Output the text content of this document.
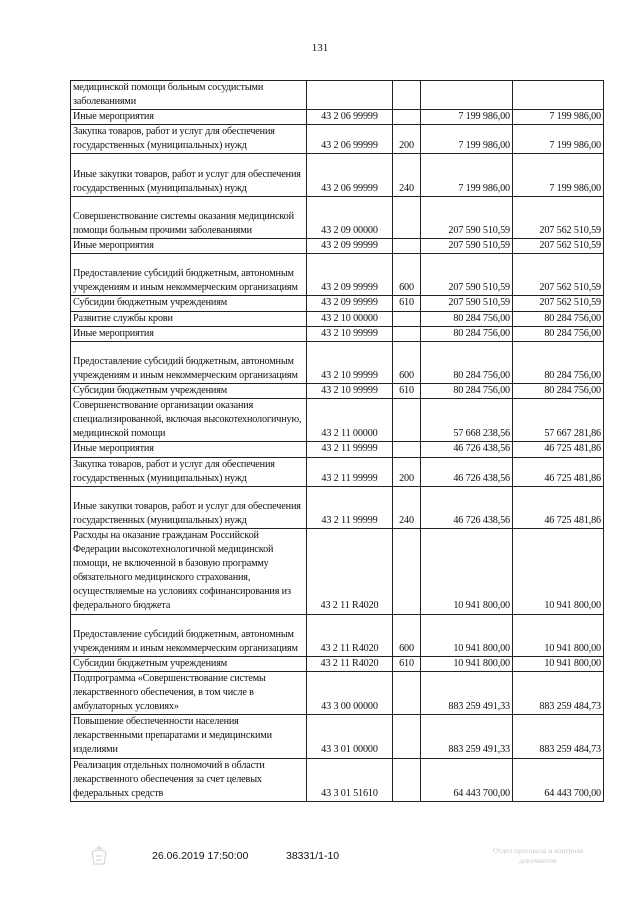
131
медицинской помощи больным сосудистыми заболеваниями				
Иные мероприятия	43 2 06 99999		7 199 986,00	7 199 986,00
Закупка товаров, работ и услуг для обеспечения государственных (муниципальных) нужд	43 2 06 99999	200	7 199 986,00	7 199 986,00
Иные закупки товаров, работ и услуг для обеспечения государственных (муниципальных) нужд	43 2 06 99999	240	7 199 986,00	7 199 986,00
Совершенствование системы оказания медицинской помощи больным прочими заболеваниями	43 2 09 00000		207 590 510,59	207 562 510,59
Иные мероприятия	43 2 09 99999		207 590 510,59	207 562 510,59
Предоставление субсидий бюджетным, автономным учреждениям и иным некоммерческим организациям	43 2 09 99999	600	207 590 510,59	207 562 510,59
Субсидии бюджетным учреждениям	43 2 09 99999	610	207 590 510,59	207 562 510,59
Развитие службы крови	43 2 10 00000		80 284 756,00	80 284 756,00
Иные мероприятия	43 2 10 99999		80 284 756,00	80 284 756,00
Предоставление субсидий бюджетным, автономным учреждениям и иным некоммерческим организациям	43 2 10 99999	600	80 284 756,00	80 284 756,00
Субсидии бюджетным учреждениям	43 2 10 99999	610	80 284 756,00	80 284 756,00
Совершенствование организации оказания специализированной, включая высокотехнологичную, медицинской помощи	43 2 11 00000		57 668 238,56	57 667 281,86
Иные мероприятия	43 2 11 99999		46 726 438,56	46 725 481,86
Закупка товаров, работ и услуг для обеспечения государственных (муниципальных) нужд	43 2 11 99999	200	46 726 438,56	46 725 481,86
Иные закупки товаров, работ и услуг для обеспечения государственных (муниципальных) нужд	43 2 11 99999	240	46 726 438,56	46 725 481,86
Расходы на оказание гражданам Российской Федерации высокотехнологичной медицинской помощи, не включенной в базовую программу обязательного медицинского страхования, осуществляемые на условиях софинансирования из федерального бюджета	43 2 11 R4020		10 941 800,00	10 941 800,00
Предоставление субсидий бюджетным, автономным учреждениям и иным некоммерческим организациям	43 2 11 R4020	600	10 941 800,00	10 941 800,00
Субсидии бюджетным учреждениям	43 2 11 R4020	610	10 941 800,00	10 941 800,00
Подпрограмма «Совершенствование системы лекарственного обеспечения, в том числе в амбулаторных условиях»	43 3 00 00000		883 259 491,33	883 259 484,73
Повышение обеспеченности населения лекарственными препаратами и медицинскими изделиями	43 3 01 00000		883 259 491,33	883 259 484,73
Реализация отдельных полномочий в области лекарственного обеспечения за счет целевых федеральных средств	43 3 01 51610		64 443 700,00	64 443 700,00
26.06.2019 17:50:00	38331/1-10	Отдел протокола и контроля документов
